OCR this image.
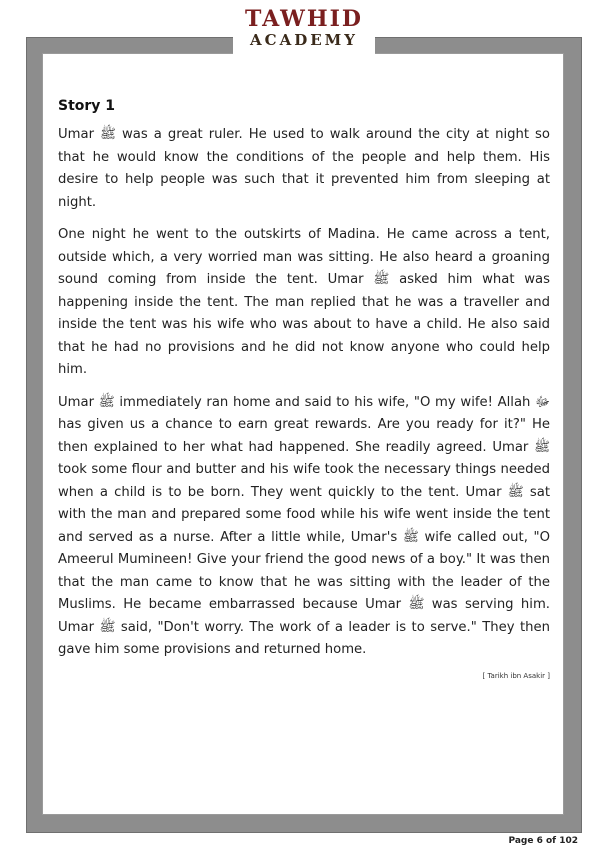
TAWHID
ACADEMY
Story 1

Umar ﷺ was a great ruler. He used to walk around the city at night so that he would know the conditions of the people and help them. His desire to help people was such that it prevented him from sleeping at night.

One night he went to the outskirts of Madina. He came across a tent, outside which, a very worried man was sitting. He also heard a groaning sound coming from inside the tent. Umar ﷺ asked him what was happening inside the tent. The man replied that he was a traveller and inside the tent was his wife who was about to have a child. He also said that he had no provisions and he did not know anyone who could help him.

Umar ﷺ immediately ran home and said to his wife, "O my wife! Allah ﷻ has given us a chance to earn great rewards. Are you ready for it?" He then explained to her what had happened. She readily agreed. Umar ﷺ took some flour and butter and his wife took the necessary things needed when a child is to be born. They went quickly to the tent. Umar ﷺ sat with the man and prepared some food while his wife went inside the tent and served as a nurse. After a little while, Umar's ﷺ wife called out, "O Ameerul Mumineen! Give your friend the good news of a boy." It was then that the man came to know that he was sitting with the leader of the Muslims. He became embarrassed because Umar ﷺ was serving him. Umar ﷺ said, "Don't worry. The work of a leader is to serve." They then gave him some provisions and returned home.

[ Tarikh ibn Asakir ]
Page 6 of 102
